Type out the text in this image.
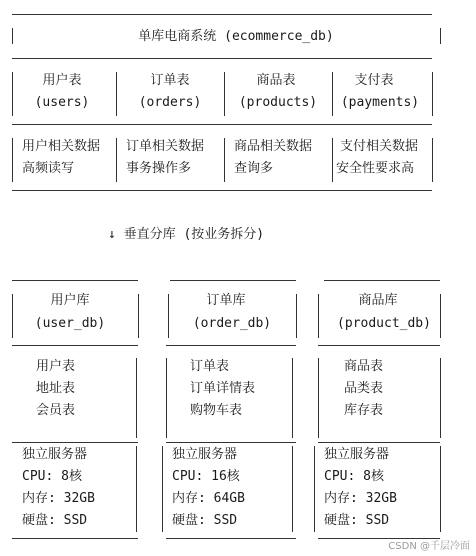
单库电商系统 (ecommerce_db)
用户表	订单表	商品表	支付表
(users)	(orders)	(products) (payments)
用户相关数据 订单相关数据 商品相关数据 支付相关数据
高频读写	事务操作多	查询多	安全性要求高
↓ 垂直分库 (按业务拆分)
用户库
(user_db)
用户表
地址表
会员表
独立服务器
CPU: 8核
内存: 32GB
硬盘: SSD
订单库
(order_db)
订单表
订单详情表
购物车表
独立服务器
CPU: 16核
内存: 64GB
硬盘: SSD
商品库
(product_db)
商品表
品类表
库存表
独立服务器
CPU: 8核
内存: 32GB
硬盘: SSD
CSDN @千层冷面
